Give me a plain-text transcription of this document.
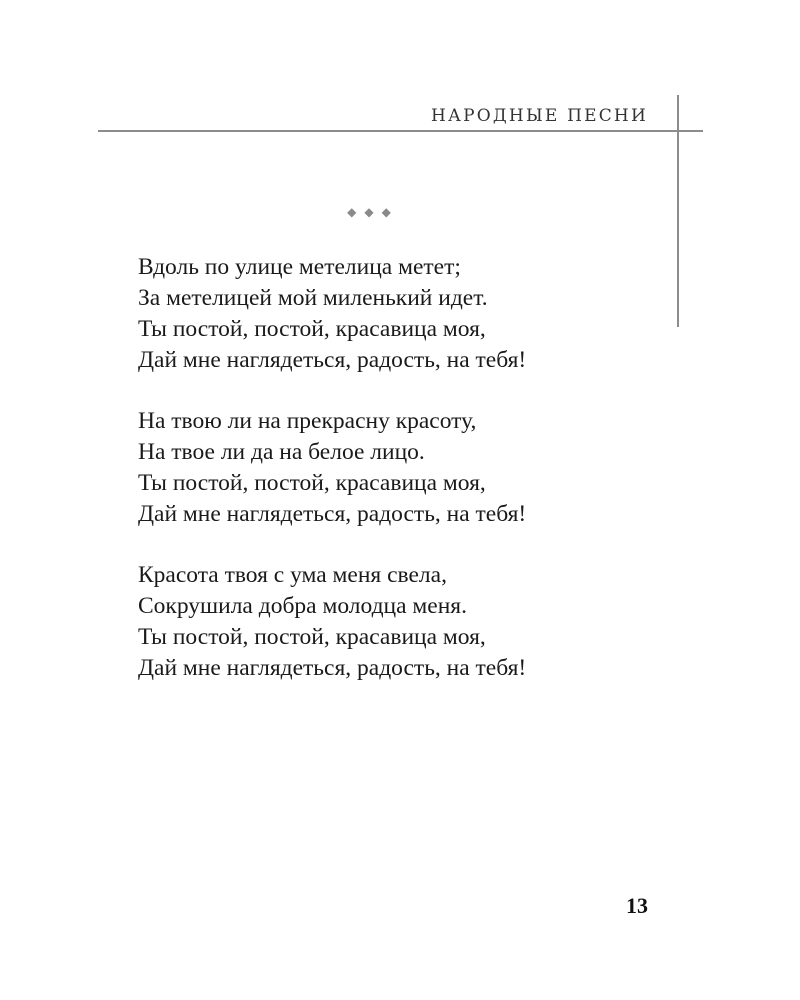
НАРОДНЫЕ ПЕСНИ
◆◆◆
Вдоль по улице метелица метет;
За метелицей мой миленький идет.
Ты постой, постой, красавица моя,
Дай мне наглядеться, радость, на тебя!
На твою ли на прекрасну красоту,
На твое ли да на белое лицо.
Ты постой, постой, красавица моя,
Дай мне наглядеться, радость, на тебя!
Красота твоя с ума меня свела,
Сокрушила добра молодца меня.
Ты постой, постой, красавица моя,
Дай мне наглядеться, радость, на тебя!
13
